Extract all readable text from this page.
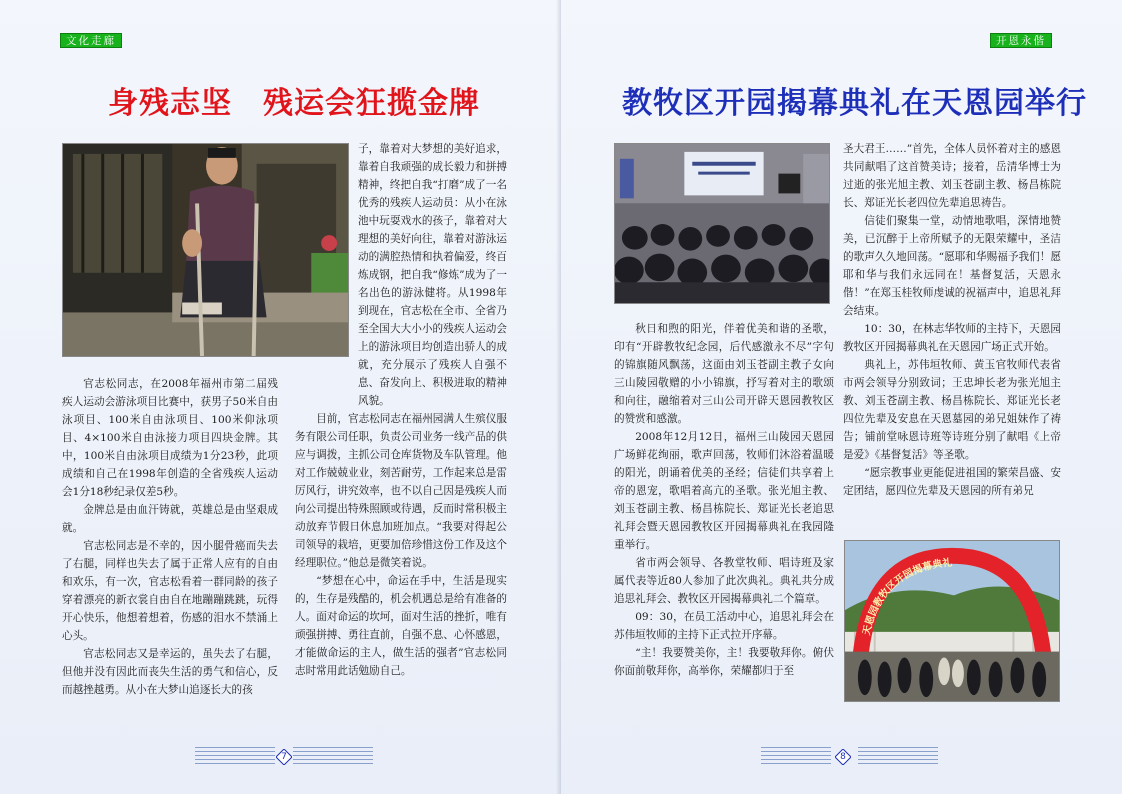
文化走廊
身残志坚　残运会狂揽金牌

官志松同志，在2008年福州市第二届残疾人运动会游泳项目比赛中，获男子50米自由泳项目、100米自由泳项目、100米仰泳项目、4×100米自由泳接力项目四块金牌。其中，100米自由泳项目成绩为1分23秒，此项成绩和自己在1998年创造的全省残疾人运动会1分18秒纪录仅差5秒。

金牌总是由血汗铸就，英雄总是由坚艰成就。

官志松同志是不幸的，因小腿骨癌而失去了右腿，同样也失去了属于正常人应有的自由和欢乐，有一次，官志松看着一群同龄的孩子穿着漂亮的新衣裳自由自在地蹦蹦跳跳，玩得开心快乐，他想着想着，伤感的泪水不禁涌上心头。

官志松同志又是幸运的，虽失去了右腿，但他并没有因此而丧失生活的勇气和信心，反而越挫越勇。从小在大梦山追逐长大的孩

子，靠着对大梦想的美好追求，靠着自我顽强的成长毅力和拼搏精神，终把自我“打磨”成了一名优秀的残疾人运动员：从小在泳池中玩耍戏水的孩子，靠着对大理想的美好向往，靠着对游泳运动的满腔热情和执着偏爱，终百炼成钢，把自我“修炼”成为了一名出色的游泳健将。从1998年到现在，官志松在全市、全省乃至全国大大小小的残疾人运动会上的游泳项目均创造出骄人的成就，充分展示了残疾人自强不息、奋发向上、积极进取的精神风貌。

目前，官志松同志在福州园满人生殡仪服务有限公司任职，负责公司业务一线产品的供应与调拨，主抓公司仓库货物及车队管理。他对工作兢兢业业，刻苦耐劳，工作起来总是雷厉风行，讲究效率，也不以自己因是残疾人而向公司提出特殊照顾或待遇，反而时常积极主动放弃节假日休息加班加点。“我要对得起公司领导的栽培，更要加倍珍惜这份工作及这个经理职位。”他总是微笑着说。

“梦想在心中，命运在手中，生活是现实的，生存是残酷的，机会机遇总是给有准备的人。面对命运的坎坷，面对生活的挫折，唯有顽强拼搏、勇往直前，自强不息、心怀感恩，才能做命运的主人，做生活的强者”官志松同志时常用此话勉励自己。

7
开恩永偕
教牧区开园揭幕典礼在天恩园举行

秋日和煦的阳光，伴着优美和谐的圣歌，印有“开辟教牧纪念园，后代感激永不尽”字句的锦旗随风飘荡，这面由刘玉苍副主教子女向三山陵园敬赠的小小锦旗，抒写着对主的歌颂和向往，融缩着对三山公司开辟天恩园教牧区的赞赏和感激。

2008年12月12日，福州三山陵园天恩园广场鲜花绚丽，歌声回荡，牧师们沐浴着温暖的阳光，朗诵着优美的圣经；信徒们共享着上帝的恩宠，歌唱着高亢的圣歌。张光旭主教、刘玉苍副主教、杨昌栋院长、郑证光长老追思礼拜会暨天恩园教牧区开园揭幕典礼在我园隆重举行。

省市两会领导、各教堂牧师、唱诗班及家属代表等近80人参加了此次典礼。典礼共分成追思礼拜会、教牧区开园揭幕典礼二个篇章。

09：30，在员工活动中心，追思礼拜会在苏伟垣牧师的主持下正式拉开序幕。

“主！我要赞美你，主！我要敬拜你。俯伏你面前敬拜你，高举你，荣耀都归于至

圣大君王……”首先，全体人员怀着对主的感恩共同献唱了这首赞美诗；接着，岳清华博士为过逝的张光旭主教、刘玉苍副主教、杨昌栋院长、郑证光长老四位先辈追思祷告。

信徒们聚集一堂，动情地歌唱，深情地赞美，已沉醉于上帝所赋予的无限荣耀中，圣洁的歌声久久地回荡。“愿耶和华赐福予我们！愿耶和华与我们永远同在！基督复活，天恩永偕！”在郑玉桂牧师虔诚的祝福声中，追思礼拜会结束。

10：30，在林志华牧师的主持下，天恩园教牧区开园揭幕典礼在天恩园广场正式开始。

典礼上，苏伟垣牧师、黄玉官牧师代表省市两会领导分别致词；王忠坤长老为张光旭主教、刘玉苍副主教、杨昌栋院长、郑证光长老四位先辈及安息在天恩墓园的弟兄姐妹作了祷告；铺前堂咏恩诗班等诗班分别了献唱《上帝是爱》《基督复活》等圣歌。

“愿宗教事业更能促进祖国的繁荣昌盛、安定团结，愿四位先辈及天恩园的所有弟兄

天恩园教牧区开园揭幕典礼
8
